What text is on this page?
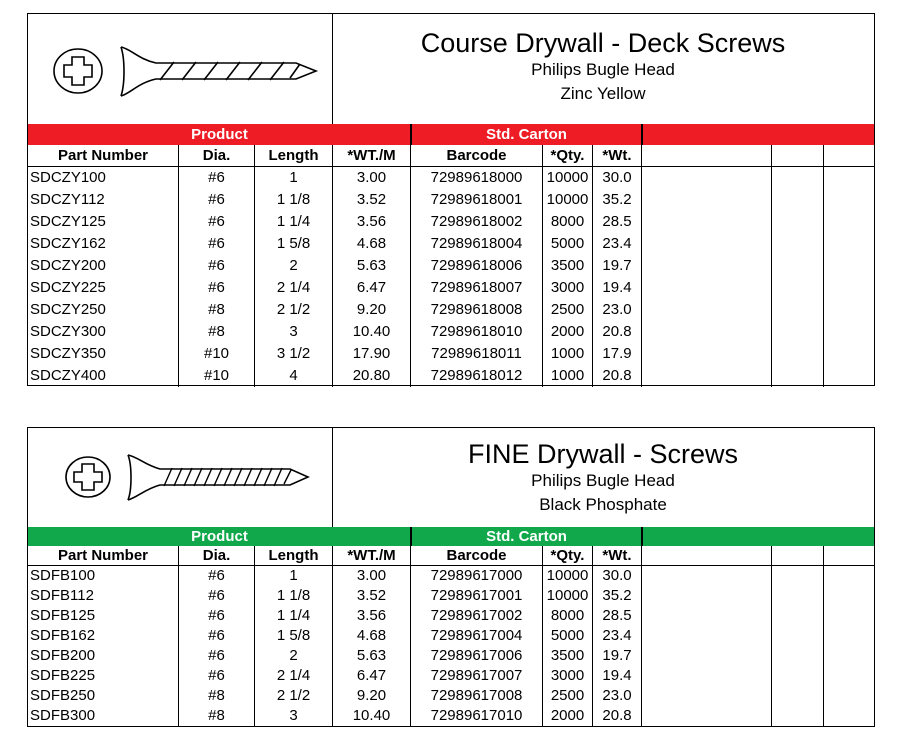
Course Drywall - Deck Screws
Philips Bugle Head
Zinc Yellow
Product	Std. Carton
Part Number	Dia.	Length	*WT./M	Barcode	*Qty.	*Wt.
SDCZY100	#6	1	3.00	72989618000	10000 30.0
SDCZY112	#6	1 1/8	3.52	72989618001	10000 35.2
SDCZY125	#6	1 1/4	3.56	72989618002	8000	28.5
SDCZY162	#6	1 5/8	4.68	72989618004	5000	23.4
SDCZY200	#6	2	5.63	72989618006	3500	19.7
SDCZY225	#6	2 1/4	6.47	72989618007	3000	19.4
SDCZY250	#8	2 1/2	9.20	72989618008	2500	23.0
SDCZY300	#8	3	10.40	72989618010	2000	20.8
SDCZY350	#10	3 1/2	17.90	72989618011	1000	17.9
SDCZY400	#10	4	20.80	72989618012	1000	20.8
FINE Drywall - Screws
Philips Bugle Head
Black Phosphate
Product	Std. Carton
Part Number	Dia.	Length	*WT./M	Barcode	*Qty.	*Wt.
SDFB100	#6	1	3.00	72989617000	10000 30.0
SDFB112	#6	1 1/8	3.52	72989617001	10000 35.2
SDFB125	#6	1 1/4	3.56	72989617002	8000	28.5
SDFB162	#6	1 5/8	4.68	72989617004	5000	23.4
SDFB200	#6	2	5.63	72989617006	3500	19.7
SDFB225	#6	2 1/4	6.47	72989617007	3000	19.4
SDFB250	#8	2 1/2	9.20	72989617008	2500	23.0
SDFB300	#8	3	10.40	72989617010	2000	20.8
